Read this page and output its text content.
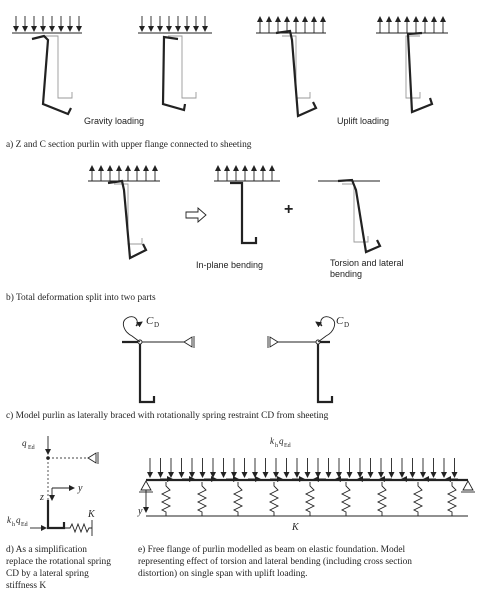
Gravity loading	Uplift loading
a) Z and C section purlin with upper flange connected to sheeting
+
In-plane bending	Torsion and lateral
bending
b) Total deformation split into two parts
C D	C D
c) Model purlin as laterally braced with rotationally spring restraint CD from sheeting
q Ed
y
z
k h q Ed
K
d) As a simplification
replace the rotational spring
CD by a lateral spring
stiffness K
k h q Ed
y
K
e) Free flange of purlin modelled as beam on elastic foundation. Model
representing effect of torsion and lateral bending (including cross section
distortion) on single span with uplift loading.
